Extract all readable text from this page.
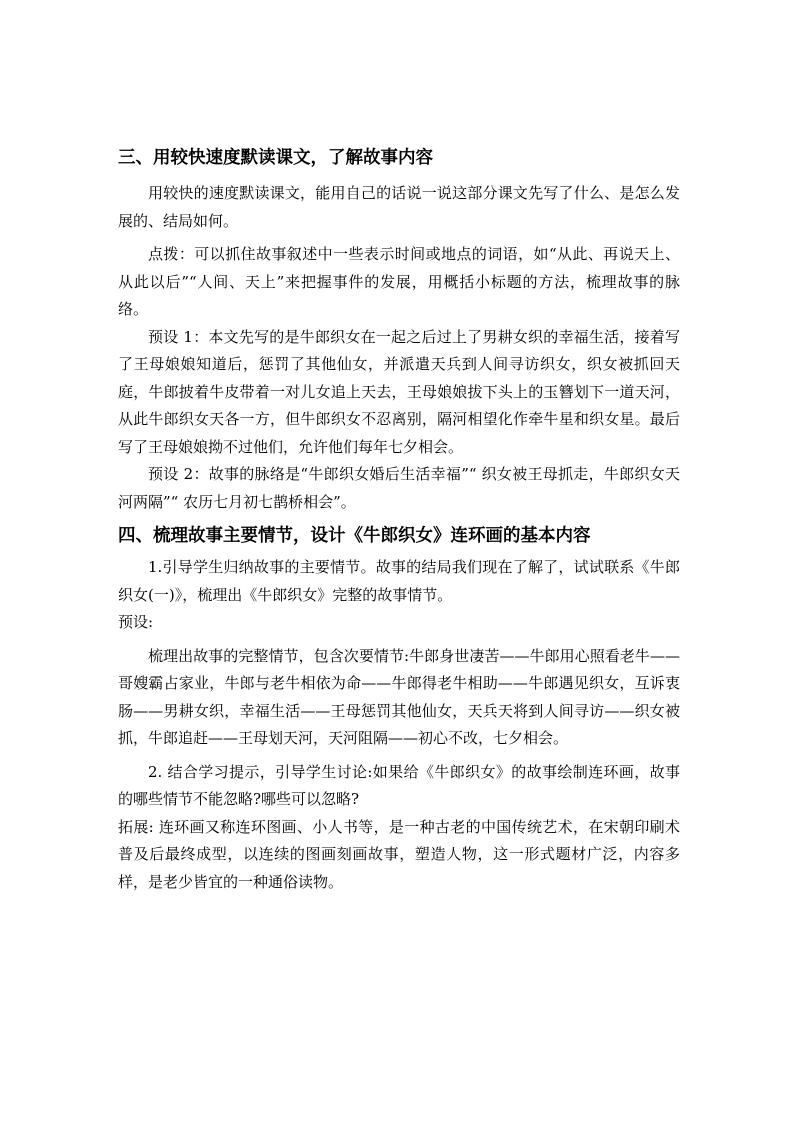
三、用较快速度默读课文，了解故事内容

用较快的速度默读课文，能用自己的话说一说这部分课文先写了什么、是怎么发展的、结局如何。

点拨：可以抓住故事叙述中一些表示时间或地点的词语，如“从此、再说天上、从此以后”“人间、天上”来把握事件的发展，用概括小标题的方法，梳理故事的脉络。

预设 1：本文先写的是牛郎织女在一起之后过上了男耕女织的幸福生活，接着写了王母娘娘知道后，惩罚了其他仙女，并派遣天兵到人间寻访织女，织女被抓回天庭，牛郎披着牛皮带着一对儿女追上天去，王母娘娘拔下头上的玉簪划下一道天河，从此牛郎织女天各一方，但牛郎织女不忍离别，隔河相望化作牵牛星和织女星。最后写了王母娘娘拗不过他们，允许他们每年七夕相会。

预设 2：故事的脉络是“牛郎织女婚后生活幸福”“ 织女被王母抓走，牛郎织女天河两隔”“ 农历七月初七鹊桥相会”。

四、梳理故事主要情节，设计《牛郎织女》连环画的基本内容

1.引导学生归纳故事的主要情节。故事的结局我们现在了解了，试试联系《牛郎织女(一)》，梳理出《牛郎织女》完整的故事情节。

预设:

梳理出故事的完整情节，包含次要情节:牛郎身世凄苦——牛郎用心照看老牛——哥嫂霸占家业，牛郎与老牛相依为命——牛郎得老牛相助——牛郎遇见织女，互诉衷肠——男耕女织，幸福生活——王母惩罚其他仙女，天兵天将到人间寻访——织女被抓，牛郎追赶——王母划天河，天河阻隔——初心不改，七夕相会。

2. 结合学习提示，引导学生讨论:如果给《牛郎织女》的故事绘制连环画，故事的哪些情节不能忽略?哪些可以忽略?

拓展: 连环画又称连环图画、小人书等，是一种古老的中国传统艺术，在宋朝印刷术普及后最终成型，以连续的图画刻画故事，塑造人物，这一形式题材广泛，内容多样，是老少皆宜的一种通俗读物。
